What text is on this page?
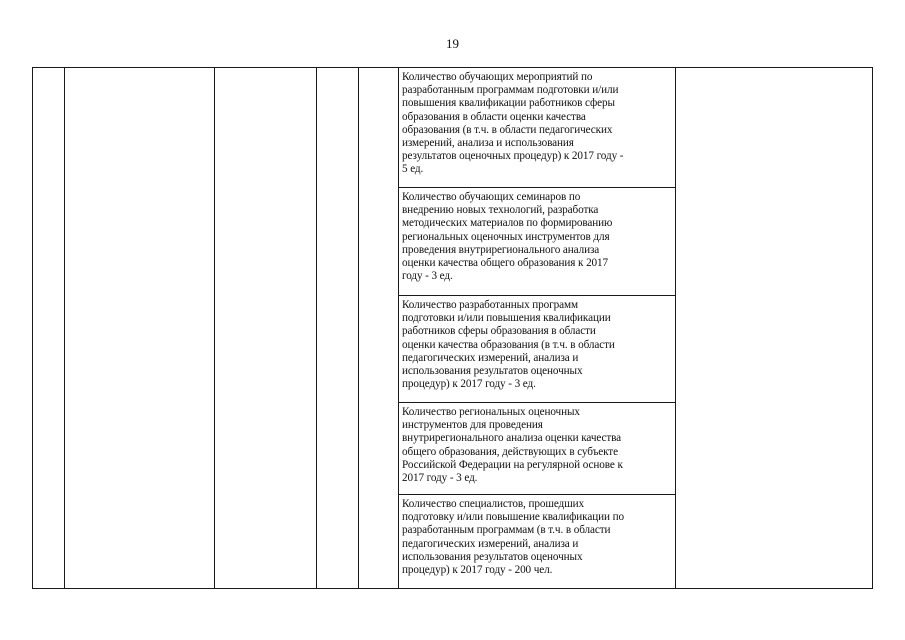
19

Количество обучающих мероприятий по
разработанным программам подготовки и/или
повышения квалификации работников сферы
образования в области оценки качества
образования (в т.ч. в области педагогических
измерений, анализа и использования
результатов оценочных процедур) к 2017 году -
5 ед.

Количество обучающих семинаров по
внедрению новых технологий, разработка
методических материалов по формированию
региональных оценочных инструментов для
проведения внутрирегионального анализа
оценки качества общего образования к 2017
году - 3 ед.

Количество разработанных программ
подготовки и/или повышения квалификации
работников сферы образования в области
оценки качества образования (в т.ч. в области
педагогических измерений, анализа и
использования результатов оценочных
процедур) к 2017 году - 3 ед.

Количество региональных оценочных
инструментов для проведения
внутрирегионального анализа оценки качества
общего образования, действующих в субъекте
Российской Федерации на регулярной основе к
2017 году - 3 ед.

Количество специалистов, прошедших
подготовку и/или повышение квалификации по
разработанным программам (в т.ч. в области
педагогических измерений, анализа и
использования результатов оценочных
процедур) к 2017 году - 200 чел.
